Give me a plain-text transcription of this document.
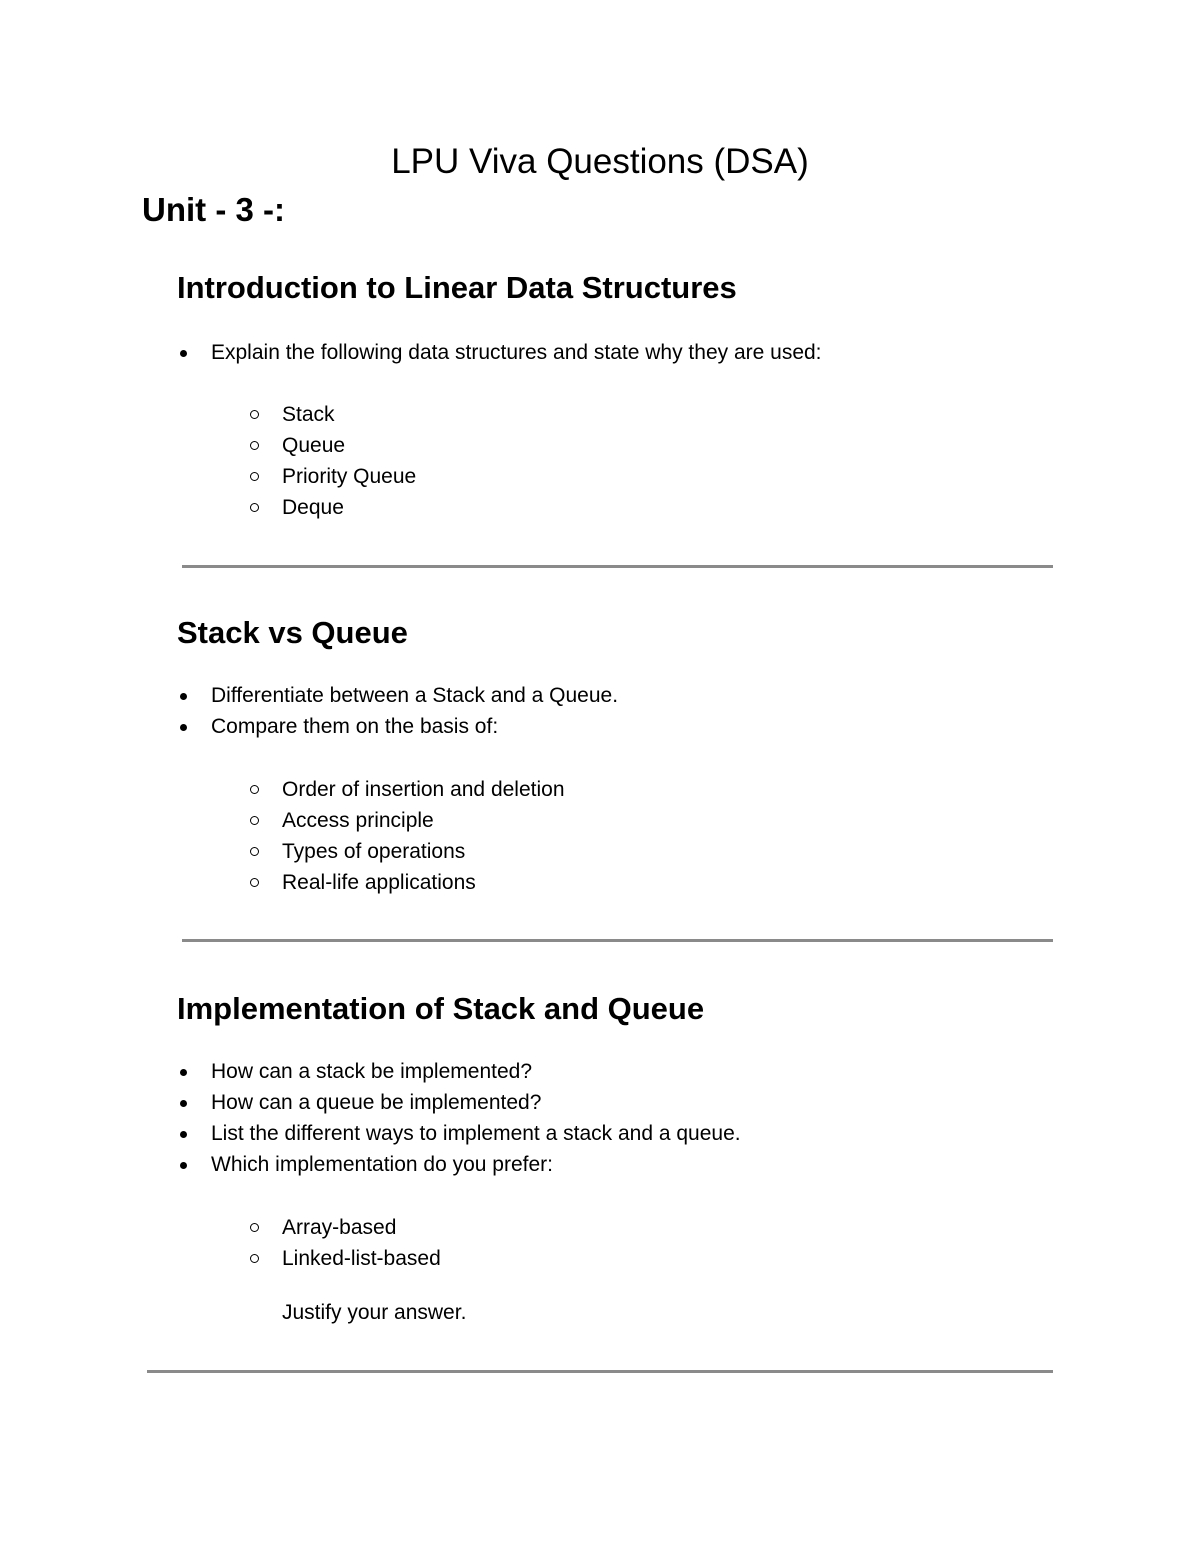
LPU Viva Questions (DSA)
Unit - 3 -:
Introduction to Linear Data Structures
Explain the following data structures and state why they are used:
Stack
Queue
Priority Queue
Deque
Stack vs Queue
Differentiate between a Stack and a Queue.
Compare them on the basis of:
Order of insertion and deletion
Access principle
Types of operations
Real-life applications
Implementation of Stack and Queue
How can a stack be implemented?
How can a queue be implemented?
List the different ways to implement a stack and a queue.
Which implementation do you prefer:
Array-based
Linked-list-based

Justify your answer.
